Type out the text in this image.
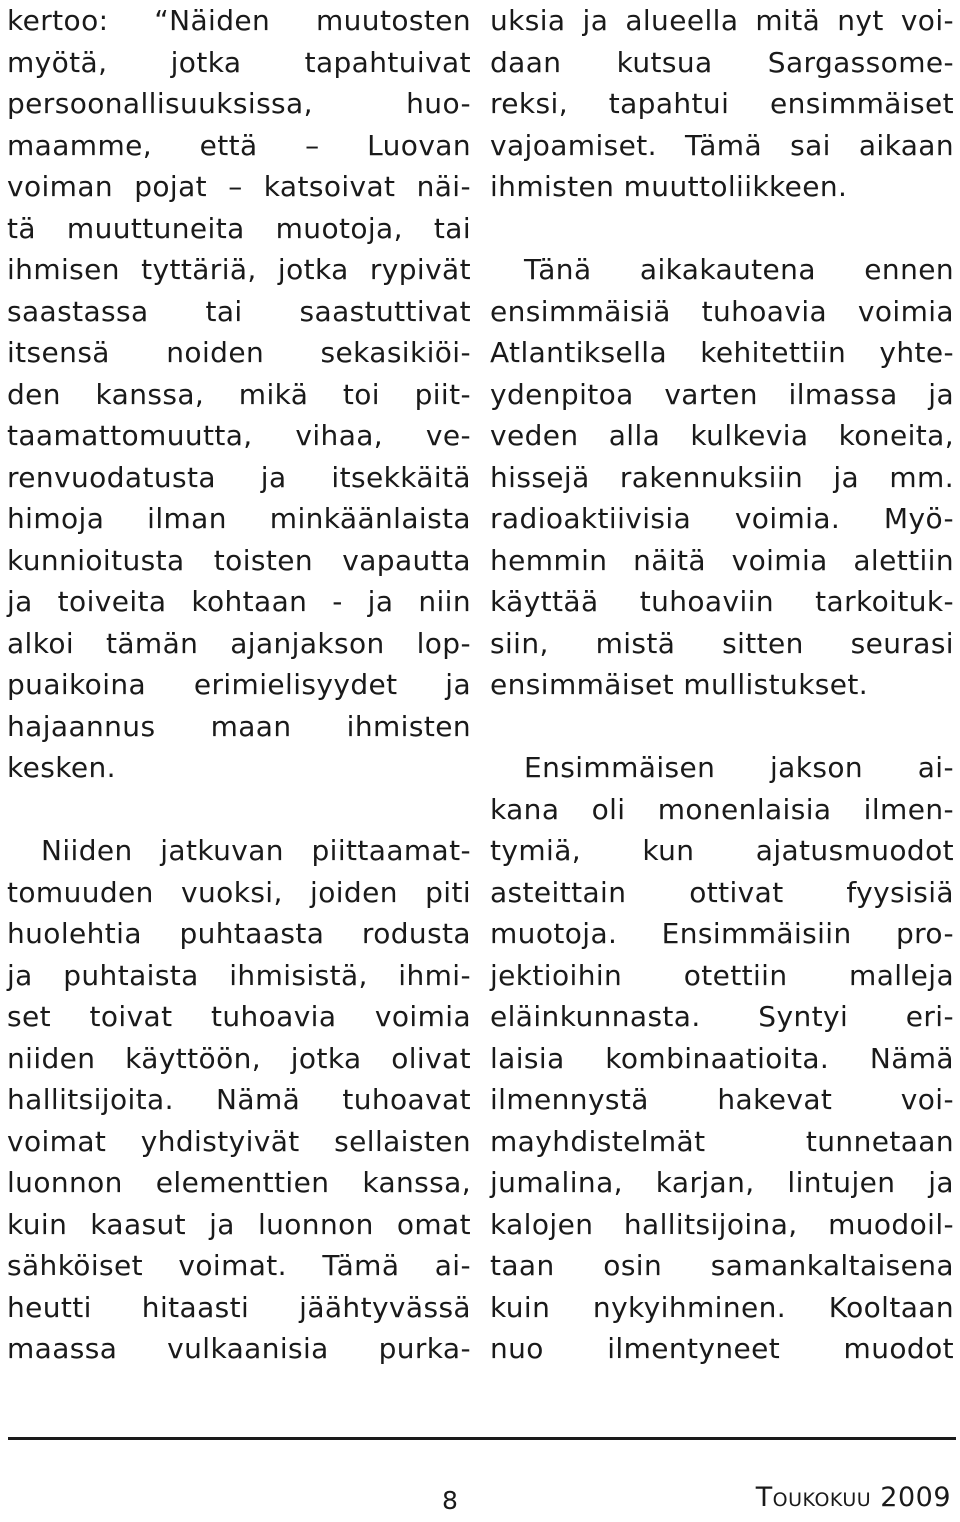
kertoo: “Näiden muutosten
myötä, jotka tapahtuivat
persoonallisuuksissa, huo-
maamme, että – Luovan
voiman pojat – katsoivat näi-
tä muuttuneita muotoja, tai
ihmisen tyttäriä, jotka rypivät
saastassa tai saastuttivat
itsensä noiden sekasikiöi-
den kanssa, mikä toi piit-
taamattomuutta, vihaa, ve-
renvuodatusta ja itsekkäitä
himoja ilman minkäänlaista
kunnioitusta toisten vapautta
ja toiveita kohtaan - ja niin
alkoi tämän ajanjakson lop-
puaikoina erimielisyydet ja
hajaannus maan ihmisten
kesken.
Niiden jatkuvan piittaamat-
tomuuden vuoksi, joiden piti
huolehtia puhtaasta rodusta
ja puhtaista ihmisistä, ihmi-
set toivat tuhoavia voimia
niiden käyttöön, jotka olivat
hallitsijoita. Nämä tuhoavat
voimat yhdistyivät sellaisten
luonnon elementtien kanssa,
kuin kaasut ja luonnon omat
sähköiset voimat. Tämä ai-
heutti hitaasti jäähtyvässä
maassa vulkaanisia purka-
uksia ja alueella mitä nyt voi-
daan kutsua Sargassome-
reksi, tapahtui ensimmäiset
vajoamiset. Tämä sai aikaan
ihmisten muuttoliikkeen.
Tänä aikakautena ennen
ensimmäisiä tuhoavia voimia
Atlantiksella kehitettiin yhte-
ydenpitoa varten ilmassa ja
veden alla kulkevia koneita,
hissejä rakennuksiin ja mm.
radioaktiivisia voimia. Myö-
hemmin näitä voimia alettiin
käyttää tuhoaviin tarkoituk-
siin, mistä sitten seurasi
ensimmäiset mullistukset.
Ensimmäisen jakson ai-
kana oli monenlaisia ilmen-
tymiä, kun ajatusmuodot
asteittain ottivat fyysisiä
muotoja. Ensimmäisiin pro-
jektioihin otettiin malleja
eläinkunnasta. Syntyi eri-
laisia kombinaatioita. Nämä
ilmennystä hakevat voi-
mayhdistelmät tunnetaan
jumalina, karjan, lintujen ja
kalojen hallitsijoina, muodoil-
taan osin samankaltaisena
kuin nykyihminen. Kooltaan
nuo ilmentyneet muodot
8	Toukokuu 2009
